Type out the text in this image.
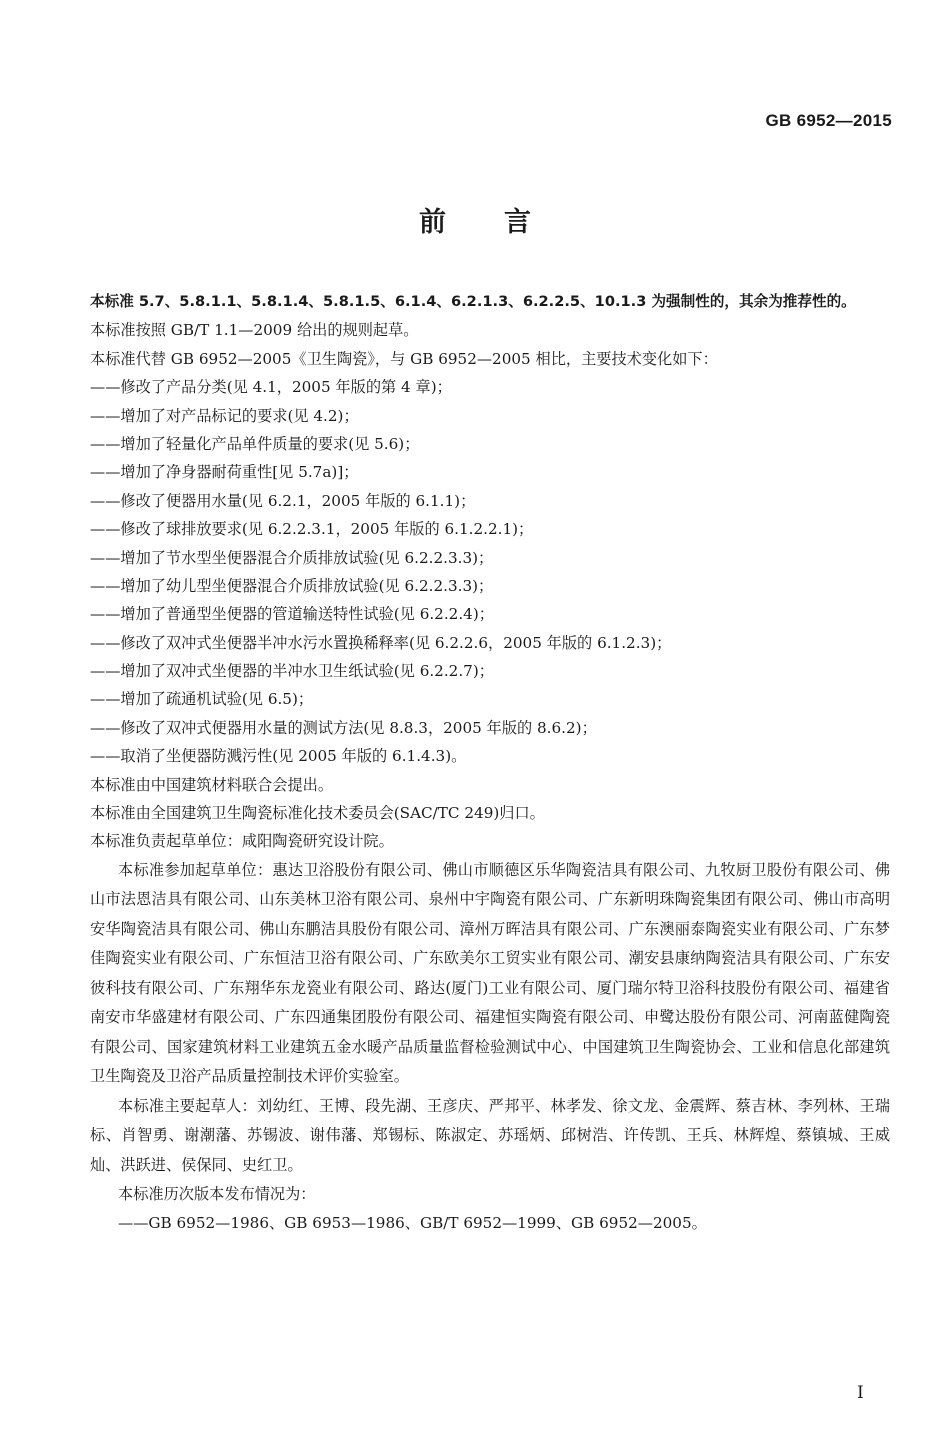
GB 6952—2015
前言
本标准 5.7、5.8.1.1、5.8.1.4、5.8.1.5、6.1.4、6.2.1.3、6.2.2.5、10.1.3 为强制性的，其余为推荐性的。
本标准按照 GB/T 1.1—2009 给出的规则起草。
本标准代替 GB 6952—2005《卫生陶瓷》，与 GB 6952—2005 相比，主要技术变化如下：
——修改了产品分类(见 4.1，2005 年版的第 4 章)；
——增加了对产品标记的要求(见 4.2)；
——增加了轻量化产品单件质量的要求(见 5.6)；
——增加了净身器耐荷重性[见 5.7a)]；
——修改了便器用水量(见 6.2.1，2005 年版的 6.1.1)；
——修改了球排放要求(见 6.2.2.3.1，2005 年版的 6.1.2.2.1)；
——增加了节水型坐便器混合介质排放试验(见 6.2.2.3.3)；
——增加了幼儿型坐便器混合介质排放试验(见 6.2.2.3.3)；
——增加了普通型坐便器的管道输送特性试验(见 6.2.2.4)；
——修改了双冲式坐便器半冲水污水置换稀释率(见 6.2.2.6，2005 年版的 6.1.2.3)；
——增加了双冲式坐便器的半冲水卫生纸试验(见 6.2.2.7)；
——增加了疏通机试验(见 6.5)；
——修改了双冲式便器用水量的测试方法(见 8.8.3，2005 年版的 8.6.2)；
——取消了坐便器防溅污性(见 2005 年版的 6.1.4.3)。
本标准由中国建筑材料联合会提出。
本标准由全国建筑卫生陶瓷标准化技术委员会(SAC/TC 249)归口。
本标准负责起草单位：咸阳陶瓷研究设计院。

本标准参加起草单位：惠达卫浴股份有限公司、佛山市顺德区乐华陶瓷洁具有限公司、九牧厨卫股份有限公司、佛山市法恩洁具有限公司、山东美林卫浴有限公司、泉州中宇陶瓷有限公司、广东新明珠陶瓷集团有限公司、佛山市高明安华陶瓷洁具有限公司、佛山东鹏洁具股份有限公司、漳州万晖洁具有限公司、广东澳丽泰陶瓷实业有限公司、广东梦佳陶瓷实业有限公司、广东恒洁卫浴有限公司、广东欧美尔工贸实业有限公司、潮安县康纳陶瓷洁具有限公司、广东安彼科技有限公司、广东翔华东龙瓷业有限公司、路达(厦门)工业有限公司、厦门瑞尔特卫浴科技股份有限公司、福建省南安市华盛建材有限公司、广东四通集团股份有限公司、福建恒实陶瓷有限公司、申鹭达股份有限公司、河南蓝健陶瓷有限公司、国家建筑材料工业建筑五金水暖产品质量监督检验测试中心、中国建筑卫生陶瓷协会、工业和信息化部建筑卫生陶瓷及卫浴产品质量控制技术评价实验室。

本标准主要起草人：刘幼红、王博、段先湖、王彦庆、严邦平、林孝发、徐文龙、金震辉、蔡吉林、李列林、王瑞标、肖智勇、谢潮藩、苏锡波、谢伟藩、郑锡标、陈淑定、苏瑶炳、邱树浩、许传凯、王兵、林辉煌、蔡镇城、王威灿、洪跃进、侯保同、史红卫。

本标准历次版本发布情况为：
——GB 6952—1986、GB 6953—1986、GB/T 6952—1999、GB 6952—2005。
I
